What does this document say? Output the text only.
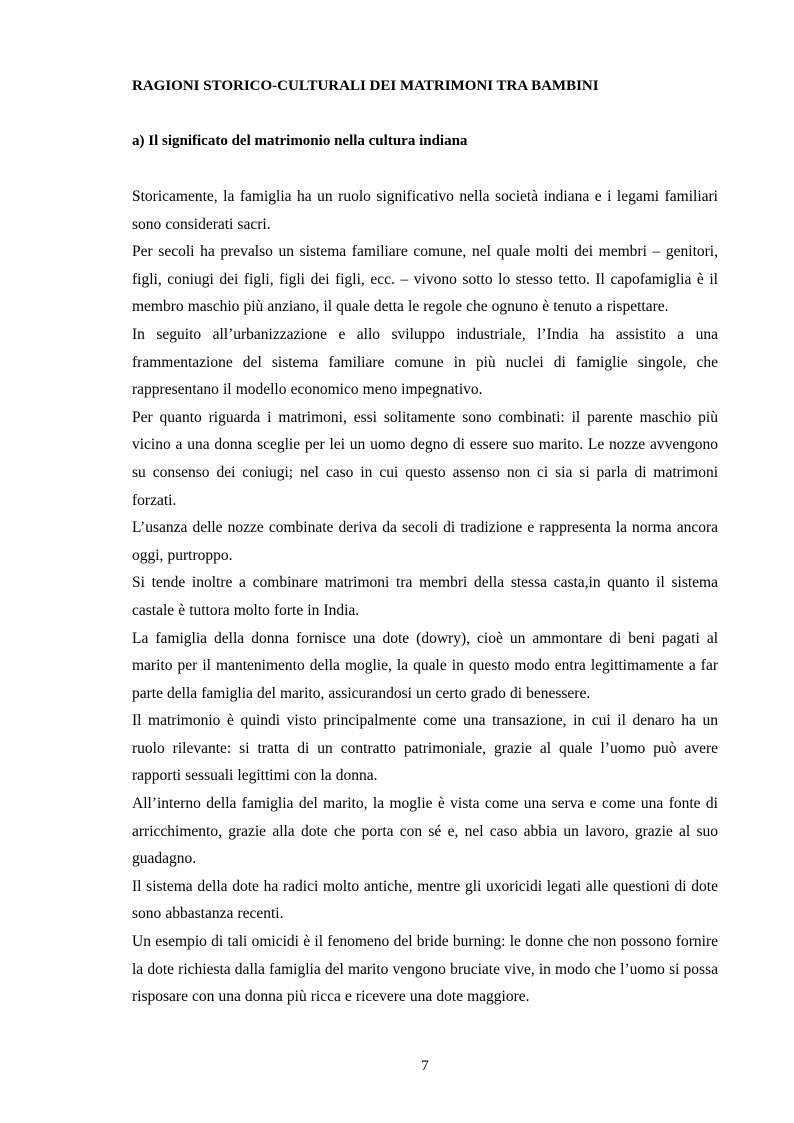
RAGIONI STORICO-CULTURALI DEI MATRIMONI TRA BAMBINI
a) Il significato del matrimonio nella cultura indiana

Storicamente, la famiglia ha un ruolo significativo nella società indiana e i legami familiari sono considerati sacri.

Per secoli ha prevalso un sistema familiare comune, nel quale molti dei membri – genitori, figli, coniugi dei figli, figli dei figli, ecc. – vivono sotto lo stesso tetto. Il capofamiglia è il membro maschio più anziano, il quale detta le regole che ognuno è tenuto a rispettare.

In seguito all’urbanizzazione e allo sviluppo industriale, l’India ha assistito a una frammentazione del sistema familiare comune in più nuclei di famiglie singole, che rappresentano il modello economico meno impegnativo.

Per quanto riguarda i matrimoni, essi solitamente sono combinati: il parente maschio più vicino a una donna sceglie per lei un uomo degno di essere suo marito. Le nozze avvengono su consenso dei coniugi; nel caso in cui questo assenso non ci sia si parla di matrimoni forzati.

L’usanza delle nozze combinate deriva da secoli di tradizione e rappresenta la norma ancora oggi, purtroppo.

Si tende inoltre a combinare matrimoni tra membri della stessa casta,in quanto il sistema castale è tuttora molto forte in India.

La famiglia della donna fornisce una dote (dowry), cioè un ammontare di beni pagati al marito per il mantenimento della moglie, la quale in questo modo entra legittimamente a far parte della famiglia del marito, assicurandosi un certo grado di benessere.

Il matrimonio è quindi visto principalmente come una transazione, in cui il denaro ha un ruolo rilevante: si tratta di un contratto patrimoniale, grazie al quale l’uomo può avere rapporti sessuali legittimi con la donna.

All’interno della famiglia del marito, la moglie è vista come una serva e come una fonte di arricchimento, grazie alla dote che porta con sé e, nel caso abbia un lavoro, grazie al suo guadagno.

Il sistema della dote ha radici molto antiche, mentre gli uxoricidi legati alle questioni di dote sono abbastanza recenti.

Un esempio di tali omicidi è il fenomeno del bride burning: le donne che non possono fornire la dote richiesta dalla famiglia del marito vengono bruciate vive, in modo che l’uomo si possa risposare con una donna più ricca e ricevere una dote maggiore.

7
